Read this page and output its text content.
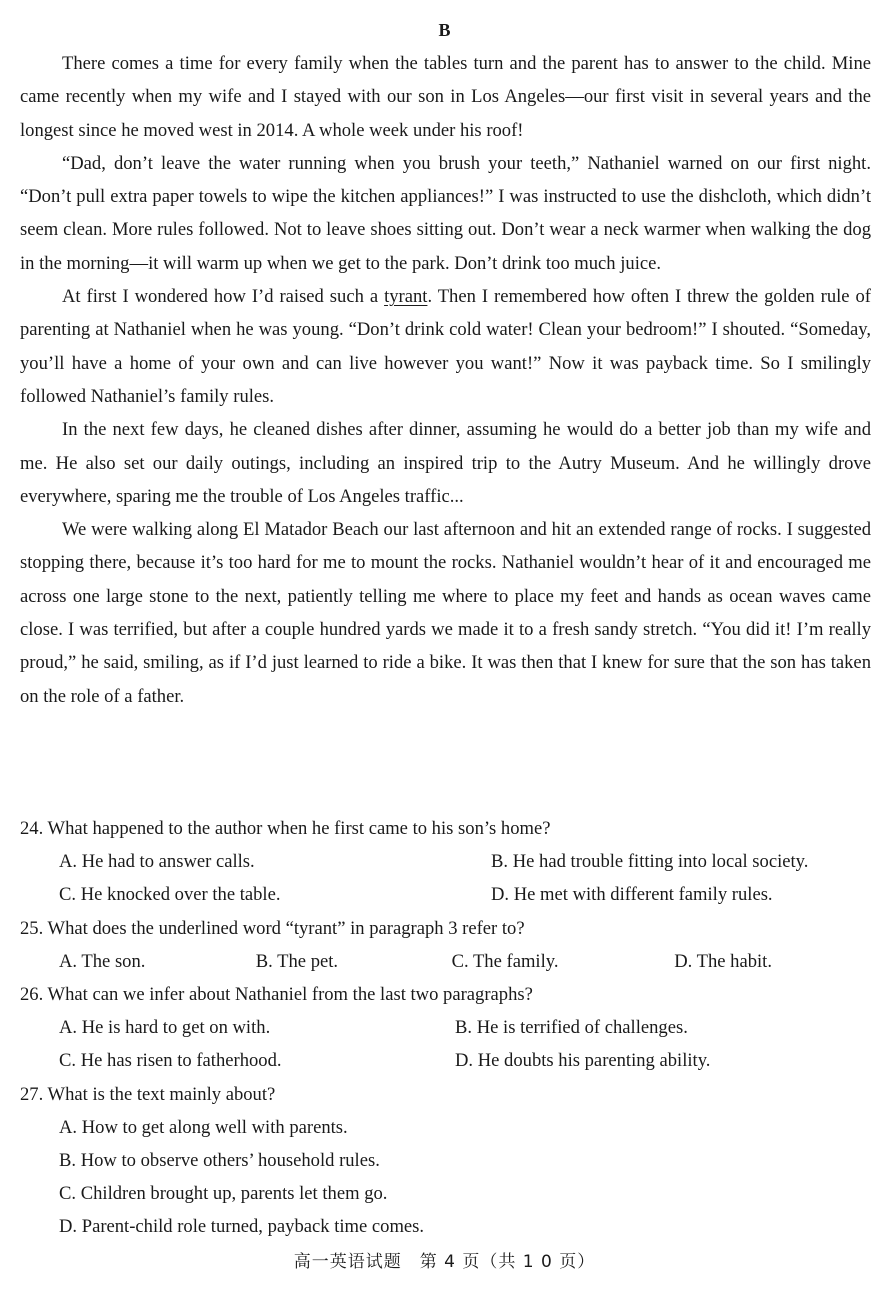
B

There comes a time for every family when the tables turn and the parent has to answer to the child. Mine came recently when my wife and I stayed with our son in Los Angeles—our first visit in several years and the longest since he moved west in 2014. A whole week under his roof!

“Dad, don’t leave the water running when you brush your teeth,” Nathaniel warned on our first night. “Don’t pull extra paper towels to wipe the kitchen appliances!” I was instructed to use the dishcloth, which didn’t seem clean. More rules followed. Not to leave shoes sitting out. Don’t wear a neck warmer when walking the dog in the morning—it will warm up when we get to the park. Don’t drink too much juice.

At first I wondered how I’d raised such a tyrant. Then I remembered how often I threw the golden rule of parenting at Nathaniel when he was young. “Don’t drink cold water! Clean your bedroom!” I shouted. “Someday, you’ll have a home of your own and can live however you want!” Now it was payback time. So I smilingly followed Nathaniel’s family rules.

In the next few days, he cleaned dishes after dinner, assuming he would do a better job than my wife and me. He also set our daily outings, including an inspired trip to the Autry Museum. And he willingly drove everywhere, sparing me the trouble of Los Angeles traffic...

We were walking along El Matador Beach our last afternoon and hit an extended range of rocks. I suggested stopping there, because it’s too hard for me to mount the rocks. Nathaniel wouldn’t hear of it and encouraged me across one large stone to the next, patiently telling me where to place my feet and hands as ocean waves came close. I was terrified, but after a couple hundred yards we made it to a fresh sandy stretch. “You did it! I’m really proud,” he said, smiling, as if I’d just learned to ride a bike. It was then that I knew for sure that the son has taken on the role of a father.

24. What happened to the author when he first came to his son’s home?
A. He had to answer calls.	B. He had trouble fitting into local society.
C. He knocked over the table.	D. He met with different family rules.
25. What does the underlined word “tyrant” in paragraph 3 refer to?
A. The son.	B. The pet.	C. The family.	D. The habit.
26. What can we infer about Nathaniel from the last two paragraphs?
A. He is hard to get on with.	B. He is terrified of challenges.
C. He has risen to fatherhood.	D. He doubts his parenting ability.
27. What is the text mainly about?
A. How to get along well with parents.
B. How to observe others’ household rules.
C. Children brought up, parents let them go.
D. Parent-child role turned, payback time comes.
高一英语试题　第 4 页（共 1 0 页）
